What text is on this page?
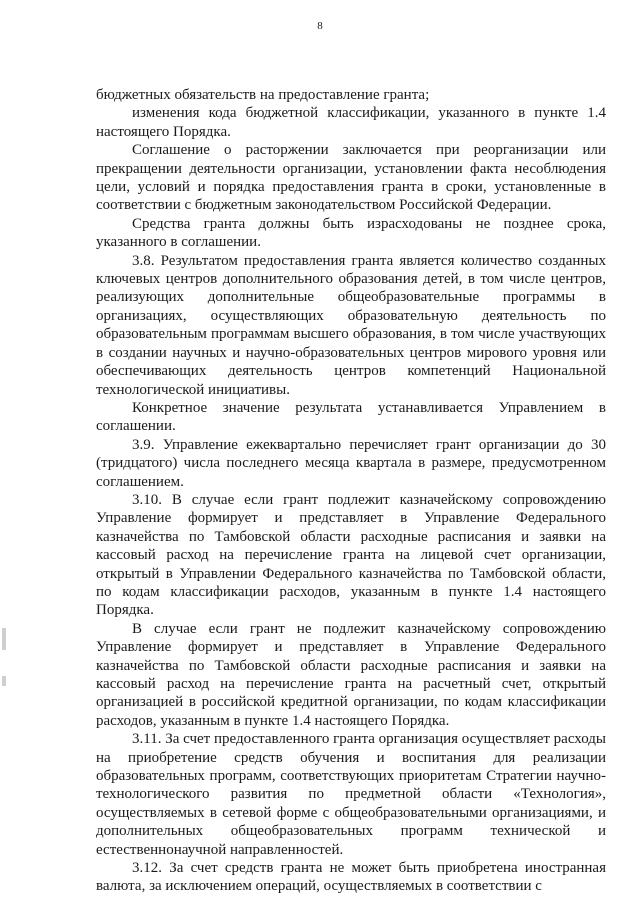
8

бюджетных обязательств на предоставление гранта;

изменения кода бюджетной классификации, указанного в пункте 1.4 настоящего Порядка.

Соглашение о расторжении заключается при реорганизации или прекращении деятельности организации, установлении факта несоблюдения цели, условий и порядка предоставления гранта в сроки, установленные в соответствии с бюджетным законодательством Российской Федерации.

Средства гранта должны быть израсходованы не позднее срока, указанного в соглашении.

3.8. Результатом предоставления гранта является количество созданных ключевых центров дополнительного образования детей, в том числе центров, реализующих дополнительные общеобразовательные программы в организациях, осуществляющих образовательную деятельность по образовательным программам высшего образования, в том числе участвующих в создании научных и научно-образовательных центров мирового уровня или обеспечивающих деятельность центров компетенций Национальной технологической инициативы.

Конкретное значение результата устанавливается Управлением в соглашении.

3.9. Управление ежеквартально перечисляет грант организации до 30 (тридцатого) числа последнего месяца квартала в размере, предусмотренном соглашением.

3.10. В случае если грант подлежит казначейскому сопровождению Управление формирует и представляет в Управление Федерального казначейства по Тамбовской области расходные расписания и заявки на кассовый расход на перечисление гранта на лицевой счет организации, открытый в Управлении Федерального казначейства по Тамбовской области, по кодам классификации расходов, указанным в пункте 1.4 настоящего Порядка.

В случае если грант не подлежит казначейскому сопровождению Управление формирует и представляет в Управление Федерального казначейства по Тамбовской области расходные расписания и заявки на кассовый расход на перечисление гранта на расчетный счет, открытый организацией в российской кредитной организации, по кодам классификации расходов, указанным в пункте 1.4 настоящего Порядка.

3.11. За счет предоставленного гранта организация осуществляет расходы на приобретение средств обучения и воспитания для реализации образовательных программ, соответствующих приоритетам Стратегии научно-технологического развития по предметной области «Технология», осуществляемых в сетевой форме с общеобразовательными организациями, и дополнительных общеобразовательных программ технической и естественнонаучной направленностей.

3.12. За счет средств гранта не может быть приобретена иностранная валюта, за исключением операций, осуществляемых в соответствии с
